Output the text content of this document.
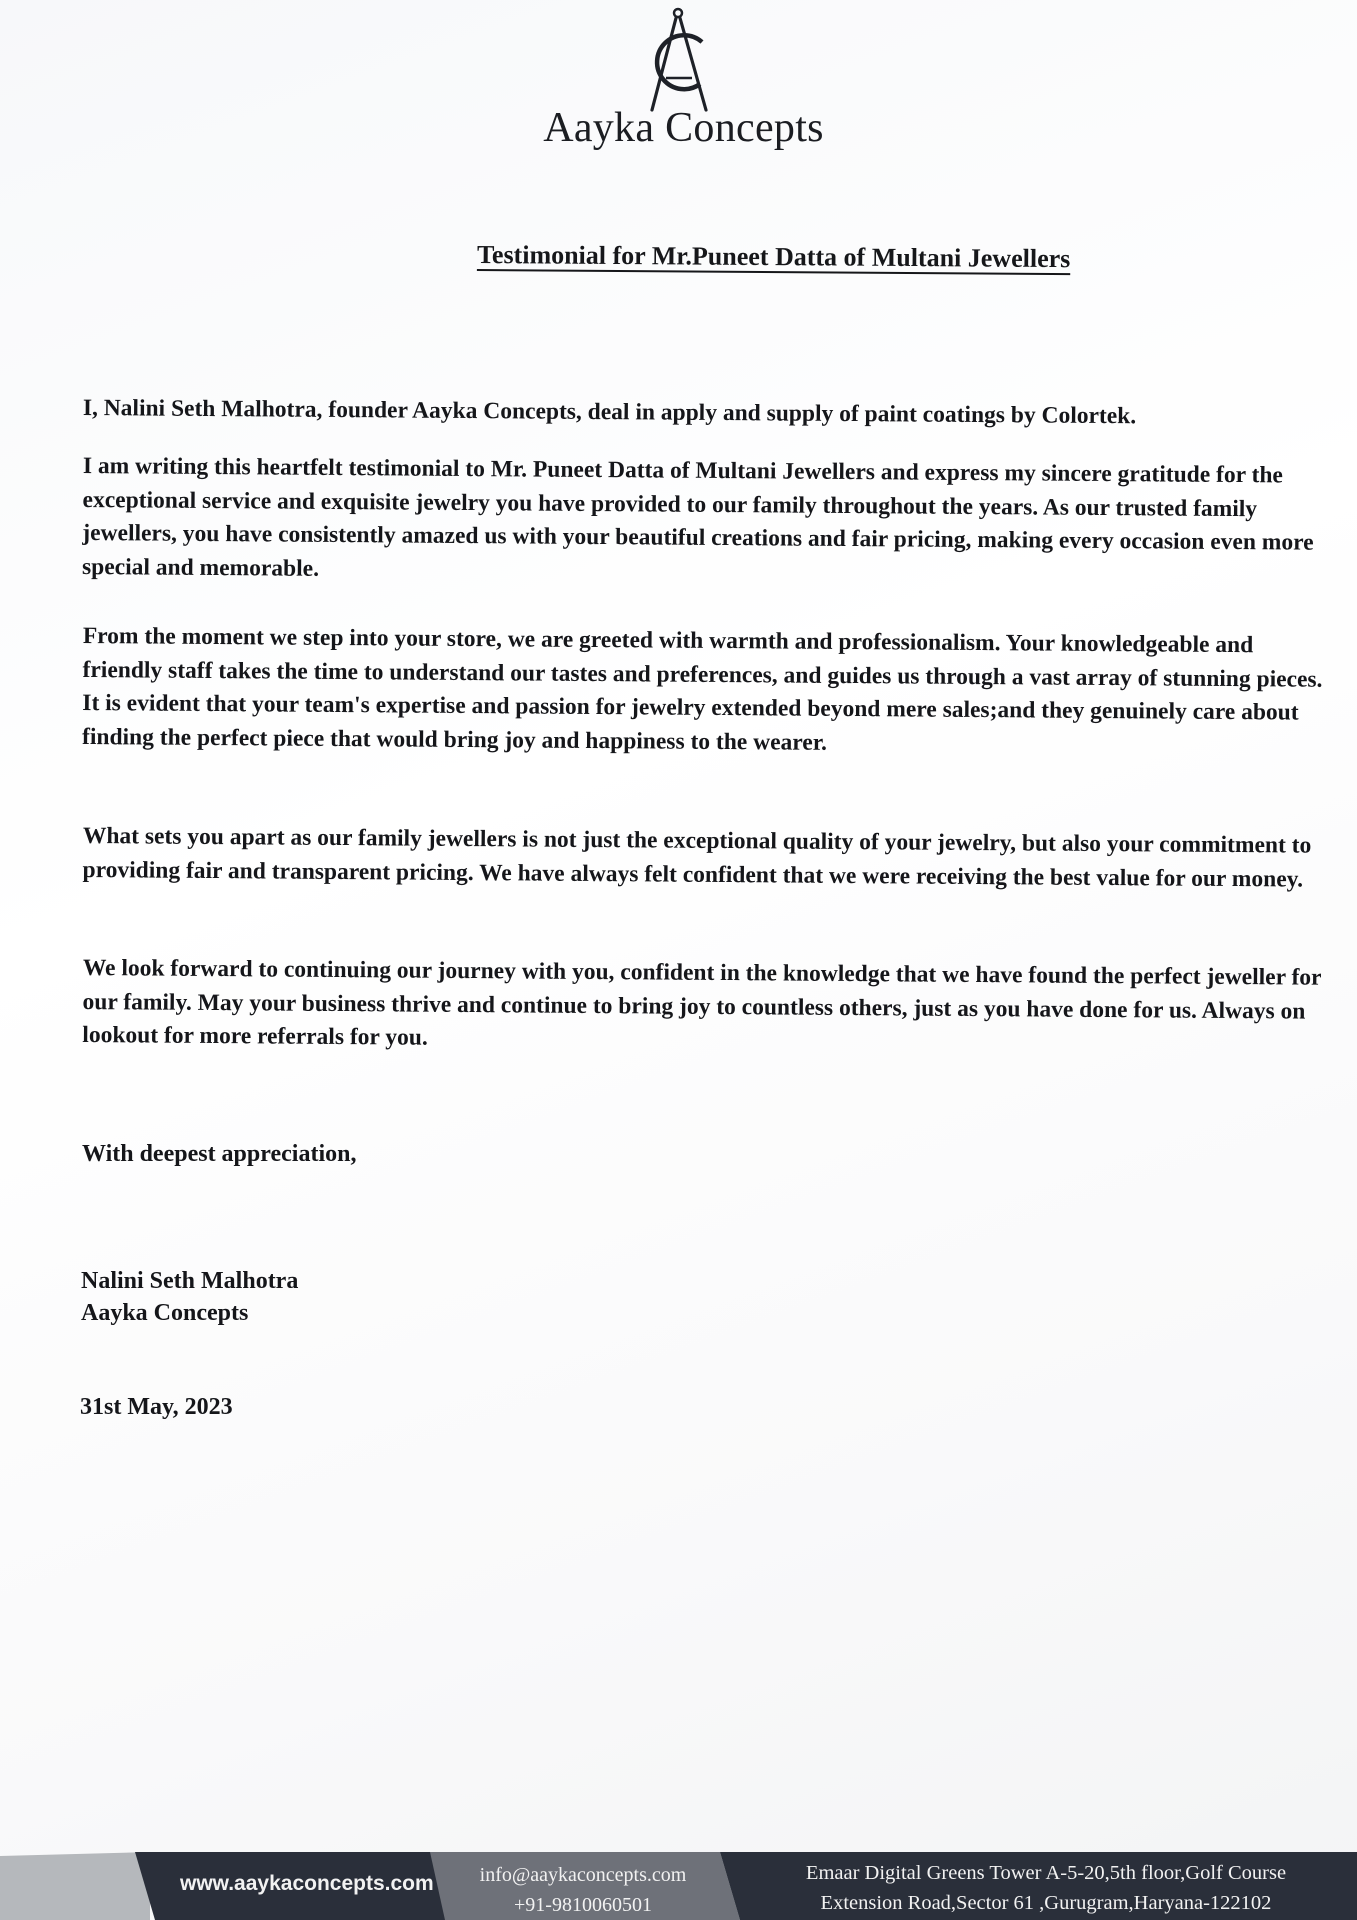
Aayka Concepts
Testimonial for Mr.Puneet Datta of Multani Jewellers

I, Nalini Seth Malhotra, founder Aayka Concepts, deal in apply and supply of paint coatings by Colortek.

I am writing this heartfelt testimonial to Mr. Puneet Datta of Multani Jewellers and express my sincere gratitude for the exceptional service and exquisite jewelry you have provided to our family throughout the years. As our trusted family jewellers, you have consistently amazed us with your beautiful creations and fair pricing, making every occasion even more special and memorable.

From the moment we step into your store, we are greeted with warmth and professionalism. Your knowledgeable and friendly staff takes the time to understand our tastes and preferences, and guides us through a vast array of stunning pieces. It is evident that your team's expertise and passion for jewelry extended beyond mere sales;and they genuinely care about finding the perfect piece that would bring joy and happiness to the wearer.

What sets you apart as our family jewellers is not just the exceptional quality of your jewelry, but also your commitment to providing fair and transparent pricing. We have always felt confident that we were receiving the best value for our money.

We look forward to continuing our journey with you, confident in the knowledge that we have found the perfect jeweller for our family. May your business thrive and continue to bring joy to countless others, just as you have done for us. Always on lookout for more referrals for you.

With deepest appreciation,
Nalini Seth Malhotra
Aayka Concepts
31st May, 2023
www.aaykaconcepts.com	info@aaykaconcepts.com
+91-9810060501
Emaar Digital Greens Tower A-5-20,5th floor,Golf Course
Extension Road,Sector 61 ,Gurugram,Haryana-122102
